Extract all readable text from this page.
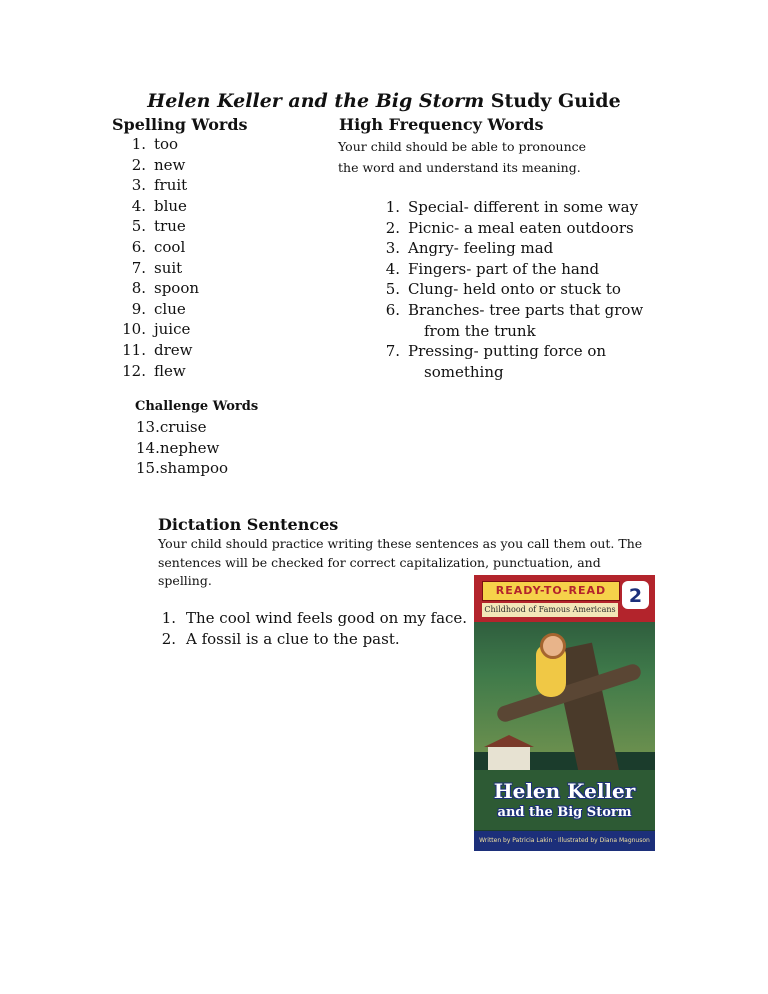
Helen Keller and the Big Storm Study Guide
Spelling Words	High Frequency Words
Your child should be able to pronounce
the word and understand its meaning.
1. too
2. new
3. fruit
4. blue
5. true
6. cool
7. suit
8. spoon
9. clue
10. juice
11. drew
12. flew
1. Special- different in some way
2. Picnic- a meal eaten outdoors
3. Angry- feeling mad
4. Fingers- part of the hand
5. Clung- held onto or stuck to
6. Branches- tree parts that grow
from the trunk
7. Pressing- putting force on
something
Challenge Words
13. cruise
14. nephew
15. shampoo
Dictation Sentences
Your child should practice writing these sentences as you call them out. The sentences will be checked for correct capitalization, punctuation, and spelling.
1. The cool wind feels good on my face.
2. A fossil is a clue to the past.
READY-TO-READ	2
Childhood of Famous Americans
Helen Keller
and the Big Storm
Written by Patricia Lakin · Illustrated by Diana Magnuson
